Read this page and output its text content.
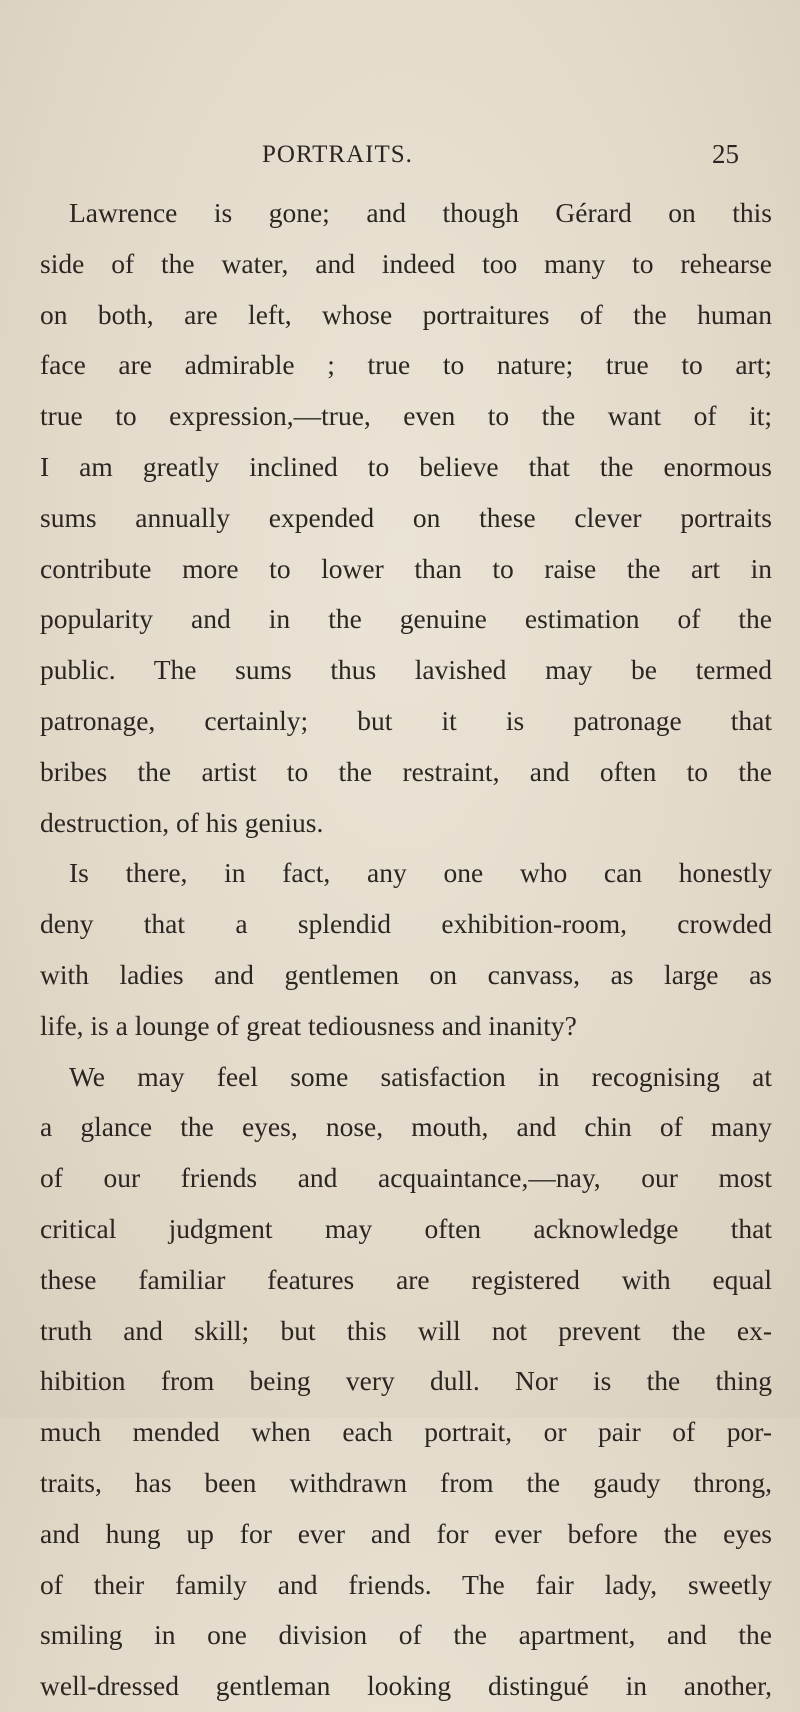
PORTRAITS.	25
Lawrence is gone; and though Gérard on this
side of the water, and indeed too many to rehearse
on both, are left, whose portraitures of the human
face are admirable ; true to nature; true to art;
true to expression,—true, even to the want of it;
I am greatly inclined to believe that the enormous
sums annually expended on these clever portraits
contribute more to lower than to raise the art in
popularity and in the genuine estimation of the
public. The sums thus lavished may be termed
patronage, certainly; but it is patronage that
bribes the artist to the restraint, and often to the
destruction, of his genius.
Is there, in fact, any one who can honestly
deny that a splendid exhibition-room, crowded
with ladies and gentlemen on canvass, as large as
life, is a lounge of great tediousness and inanity?
We may feel some satisfaction in recognising at
a glance the eyes, nose, mouth, and chin of many
of our friends and acquaintance,—nay, our most
critical judgment may often acknowledge that
these familiar features are registered with equal
truth and skill; but this will not prevent the ex-
hibition from being very dull. Nor is the thing
much mended when each portrait, or pair of por-
traits, has been withdrawn from the gaudy throng,
and hung up for ever and for ever before the eyes
of their family and friends. The fair lady, sweetly
smiling in one division of the apartment, and the
well-dressed gentleman looking distingué in another,
